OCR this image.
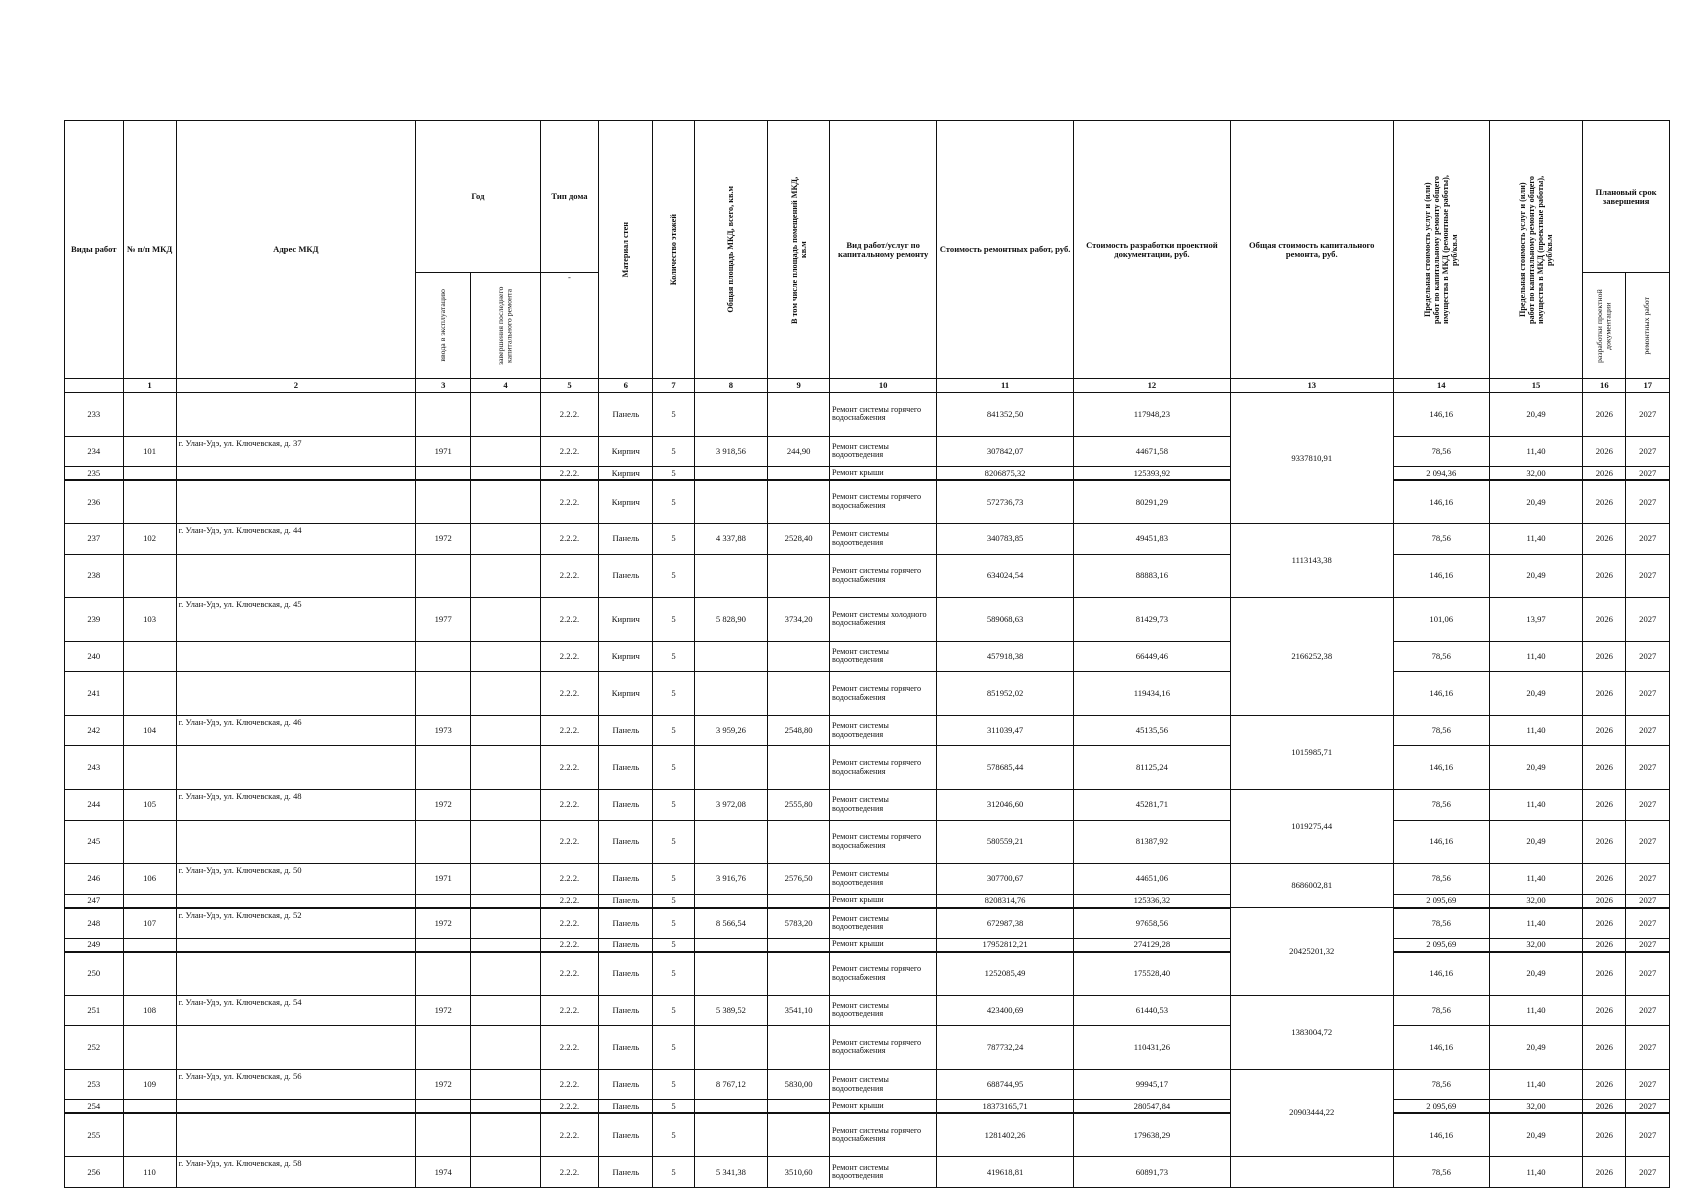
Виды работ	№ п/п МКД	Адрес МКД	Год		Тип дома	Материал стен	Количество этажей	Общая площадь МКД, всего, кв.м	В том числе площадь помещений МКД, кв.м	Вид работ/услуг по капитальному ремонту	Стоимость ремонтных работ, руб.	Стоимость разработки проектной документации, руб.	Общая стоимость капитального ремонта, руб.	Предельная стоимость услуг и (или) работ по капитальному ремонту общего имущества в МКД (ремонтные работы), руб/кв.м	Предельная стоимость услуг и (или) работ по капитальному ремонту общего имущества в МКД (проектные работы), руб/кв.м	Плановый срок завершения	

			ввода в эксплуатацию	завершения последнего капитального ремонта	-											разработки проектной документации	ремонтных работ

	1	2	3	4	5	6	7	8	9	10	11	12	13	14	15	16	17
233					2.2.2.	Панель	5			Ремонт системы горячего водоснабжения	841352,50	117948,23	9337810,91	146,16	20,49	2026	2027
234	101	г. Улан-Удэ, ул. Ключевская, д. 37	1971		2.2.2.	Кирпич	5	3 918,56	244,90	Ремонт системы водоотведения	307842,07	44671,58		78,56	11,40	2026	2027
235					2.2.2.	Кирпич	5			Ремонт крыши	8206875,32	125393,92		2 094,36	32,00	2026	2027
236					2.2.2.	Кирпич	5			Ремонт системы горячего водоснабжения	572736,73	80291,29		146,16	20,49	2026	2027
237	102	г. Улан-Удэ, ул. Ключевская, д. 44	1972		2.2.2.	Панель	5	4 337,88	2528,40	Ремонт системы водоотведения	340783,85	49451,83	1113143,38	78,56	11,40	2026	2027
238					2.2.2.	Панель	5			Ремонт системы горячего водоснабжения	634024,54	88883,16		146,16	20,49	2026	2027
239	103	г. Улан-Удэ, ул. Ключевская, д. 45	1977		2.2.2.	Кирпич	5	5 828,90	3734,20	Ремонт системы холодного водоснабжения	589068,63	81429,73	2166252,38	101,06	13,97	2026	2027
240					2.2.2.	Кирпич	5			Ремонт системы водоотведения	457918,38	66449,46		78,56	11,40	2026	2027
241					2.2.2.	Кирпич	5			Ремонт системы горячего водоснабжения	851952,02	119434,16		146,16	20,49	2026	2027
242	104	г. Улан-Удэ, ул. Ключевская, д. 46	1973		2.2.2.	Панель	5	3 959,26	2548,80	Ремонт системы водоотведения	311039,47	45135,56	1015985,71	78,56	11,40	2026	2027
243					2.2.2.	Панель	5			Ремонт системы горячего водоснабжения	578685,44	81125,24		146,16	20,49	2026	2027
244	105	г. Улан-Удэ, ул. Ключевская, д. 48	1972		2.2.2.	Панель	5	3 972,08	2555,80	Ремонт системы водоотведения	312046,60	45281,71	1019275,44	78,56	11,40	2026	2027
245					2.2.2.	Панель	5			Ремонт системы горячего водоснабжения	580559,21	81387,92		146,16	20,49	2026	2027
246	106	г. Улан-Удэ, ул. Ключевская, д. 50	1971		2.2.2.	Панель	5	3 916,76	2576,50	Ремонт системы водоотведения	307700,67	44651,06	8686002,81	78,56	11,40	2026	2027
247					2.2.2.	Панель	5			Ремонт крыши	8208314,76	125336,32		2 095,69	32,00	2026	2027
248	107	г. Улан-Удэ, ул. Ключевская, д. 52	1972		2.2.2.	Панель	5	8 566,54	5783,20	Ремонт системы водоотведения	672987,38	97658,56	20425201,32	78,56	11,40	2026	2027
249					2.2.2.	Панель	5			Ремонт крыши	17952812,21	274129,28		2 095,69	32,00	2026	2027
250					2.2.2.	Панель	5			Ремонт системы горячего водоснабжения	1252085,49	175528,40		146,16	20,49	2026	2027
251	108	г. Улан-Удэ, ул. Ключевская, д. 54	1972		2.2.2.	Панель	5	5 389,52	3541,10	Ремонт системы водоотведения	423400,69	61440,53	1383004,72	78,56	11,40	2026	2027
252					2.2.2.	Панель	5			Ремонт системы горячего водоснабжения	787732,24	110431,26		146,16	20,49	2026	2027
253	109	г. Улан-Удэ, ул. Ключевская, д. 56	1972		2.2.2.	Панель	5	8 767,12	5830,00	Ремонт системы водоотведения	688744,95	99945,17	20903444,22	78,56	11,40	2026	2027
254					2.2.2.	Панель	5			Ремонт крыши	18373165,71	280547,84		2 095,69	32,00	2026	2027
255					2.2.2.	Панель	5			Ремонт системы горячего водоснабжения	1281402,26	179638,29		146,16	20,49	2026	2027
256	110	г. Улан-Удэ, ул. Ключевская, д. 58	1974		2.2.2.	Панель	5	5 341,38	3510,60	Ремонт системы водоотведения	419618,81	60891,73		78,56	11,40	2026	2027
